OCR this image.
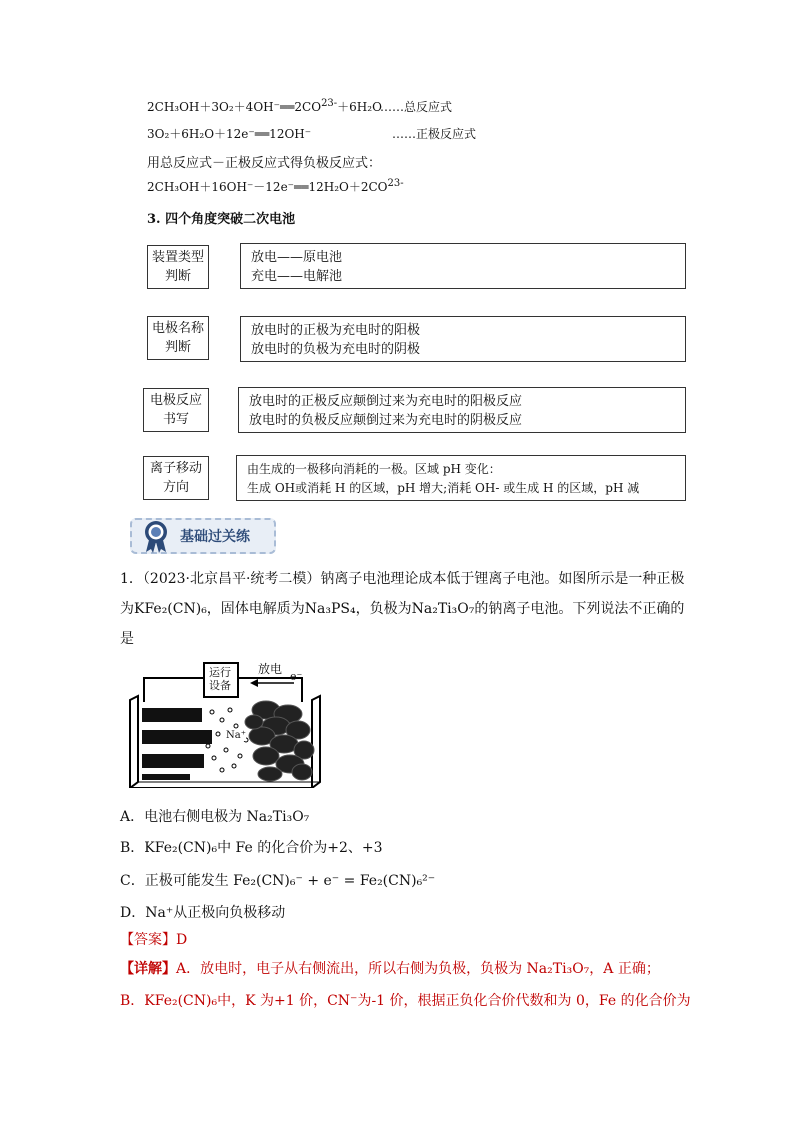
$2CH_3OH+3O_2+4OH^-══2CO^{23-}+6H_2O$
……总反应式
3O₂＋6H₂O＋12e⁻══12OH⁻	……正极反应式
用总反应式－正极反应式得负极反应式：
$2CH_3OH+16OH^--12e^-══12H_2O+2CO^{23-}$
3. 四个角度突破二次电池
装置类型判断
放电——原电池
充电——电解池
电极名称判断
放电时的正极为充电时的阳极
放电时的负极为充电时的阴极
电极反应书写
放电时的正极反应颠倒过来为充电时的阳极反应
放电时的负极反应颠倒过来为充电时的阴极反应
离子移动方向
由生成的一极移向消耗的一极。区域 pH 变化：
生成 OH或消耗 H 的区域，pH 增大;消耗 OH- 或生成 H 的区域，pH 减
基础过关练
1．（2023·北京昌平·统考二模）钠离子电池理论成本低于锂离子电池。如图所示是一种正极
为KFe₂(CN)₆，固体电解质为Na₃PS₄，负极为Na₂Ti₃O₇的钠离子电池。下列说法不正确的
是
运行
设备
放电
e⁻
Na⁺
A．电池右侧电极为 Na₂Ti₃O₇
B．KFe₂(CN)₆中 Fe 的化合价为+2、+3
C．正极可能发生 Fe₂(CN)₆⁻ + e⁻ = Fe₂(CN)₆²⁻
D．Na⁺从正极向负极移动
【答案】D
【详解】A．放电时，电子从右侧流出，所以右侧为负极，负极为 Na₂Ti₃O₇，A 正确；
B．KFe₂(CN)₆中，K 为+1 价，CN⁻为-1 价，根据正负化合价代数和为 0，Fe 的化合价为
